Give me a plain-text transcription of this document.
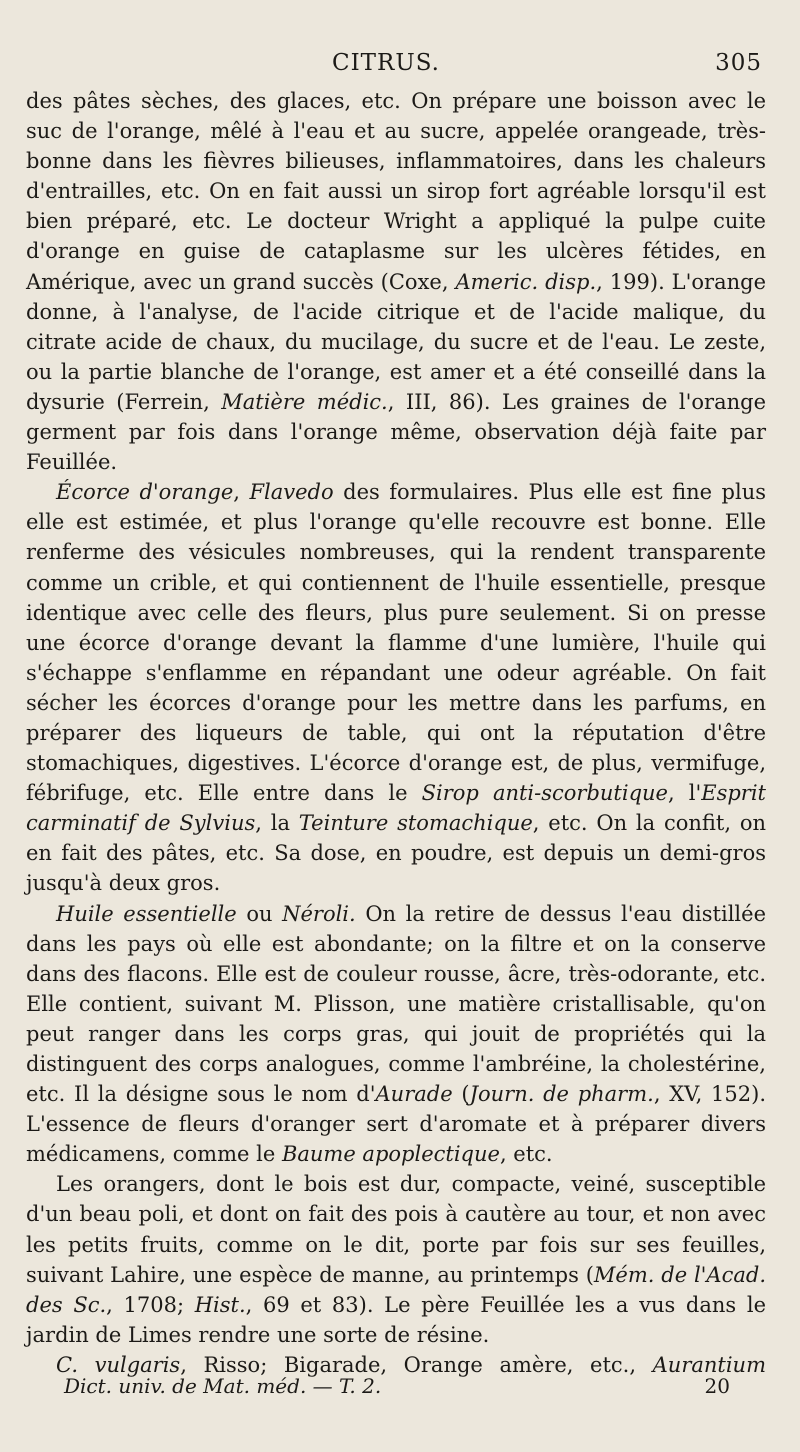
CITRUS.	305

des pâtes sèches, des glaces, etc. On prépare une boisson avec le suc de l'orange, mêlé à l'eau et au sucre, appelée orangeade, très-bonne dans les fièvres bilieuses, inflammatoires, dans les chaleurs d'entrailles, etc. On en fait aussi un sirop fort agréable lorsqu'il est bien préparé, etc. Le docteur Wright a appliqué la pulpe cuite d'orange en guise de cataplasme sur les ulcères fétides, en Amérique, avec un grand succès (Coxe, Americ. disp., 199). L'orange donne, à l'analyse, de l'acide citrique et de l'acide malique, du citrate acide de chaux, du mucilage, du sucre et de l'eau. Le zeste, ou la partie blanche de l'orange, est amer et a été conseillé dans la dysurie (Ferrein, Matière médic., III, 86). Les graines de l'orange germent par fois dans l'orange même, observation déjà faite par Feuillée.

Écorce d'orange, Flavedo des formulaires. Plus elle est fine plus elle est estimée, et plus l'orange qu'elle recouvre est bonne. Elle renferme des vésicules nombreuses, qui la rendent transparente comme un crible, et qui contiennent de l'huile essentielle, presque identique avec celle des fleurs, plus pure seulement. Si on presse une écorce d'orange devant la flamme d'une lumière, l'huile qui s'échappe s'enflamme en répandant une odeur agréable. On fait sécher les écorces d'orange pour les mettre dans les parfums, en préparer des liqueurs de table, qui ont la réputation d'être stomachiques, digestives. L'écorce d'orange est, de plus, vermifuge, fébrifuge, etc. Elle entre dans le Sirop anti-scorbutique, l'Esprit carminatif de Sylvius, la Teinture stomachique, etc. On la confit, on en fait des pâtes, etc. Sa dose, en poudre, est depuis un demi-gros jusqu'à deux gros.

Huile essentielle ou Néroli. On la retire de dessus l'eau distillée dans les pays où elle est abondante; on la filtre et on la conserve dans des flacons. Elle est de couleur rousse, âcre, très-odorante, etc. Elle contient, suivant M. Plisson, une matière cristallisable, qu'on peut ranger dans les corps gras, qui jouit de propriétés qui la distinguent des corps analogues, comme l'ambréine, la cholestérine, etc. Il la désigne sous le nom d'Aurade (Journ. de pharm., XV, 152). L'essence de fleurs d'oranger sert d'aromate et à préparer divers médicamens, comme le Baume apoplectique, etc.

Les orangers, dont le bois est dur, compacte, veiné, susceptible d'un beau poli, et dont on fait des pois à cautère au tour, et non avec les petits fruits, comme on le dit, porte par fois sur ses feuilles, suivant Lahire, une espèce de manne, au printemps (Mém. de l'Acad. des Sc., 1708; Hist., 69 et 83). Le père Feuillée les a vus dans le jardin de Limes rendre une sorte de résine.

C. vulgaris, Risso; Bigarade, Orange amère, etc., Aurantium

Dict. univ. de Mat. méd. — T. 2.	20
